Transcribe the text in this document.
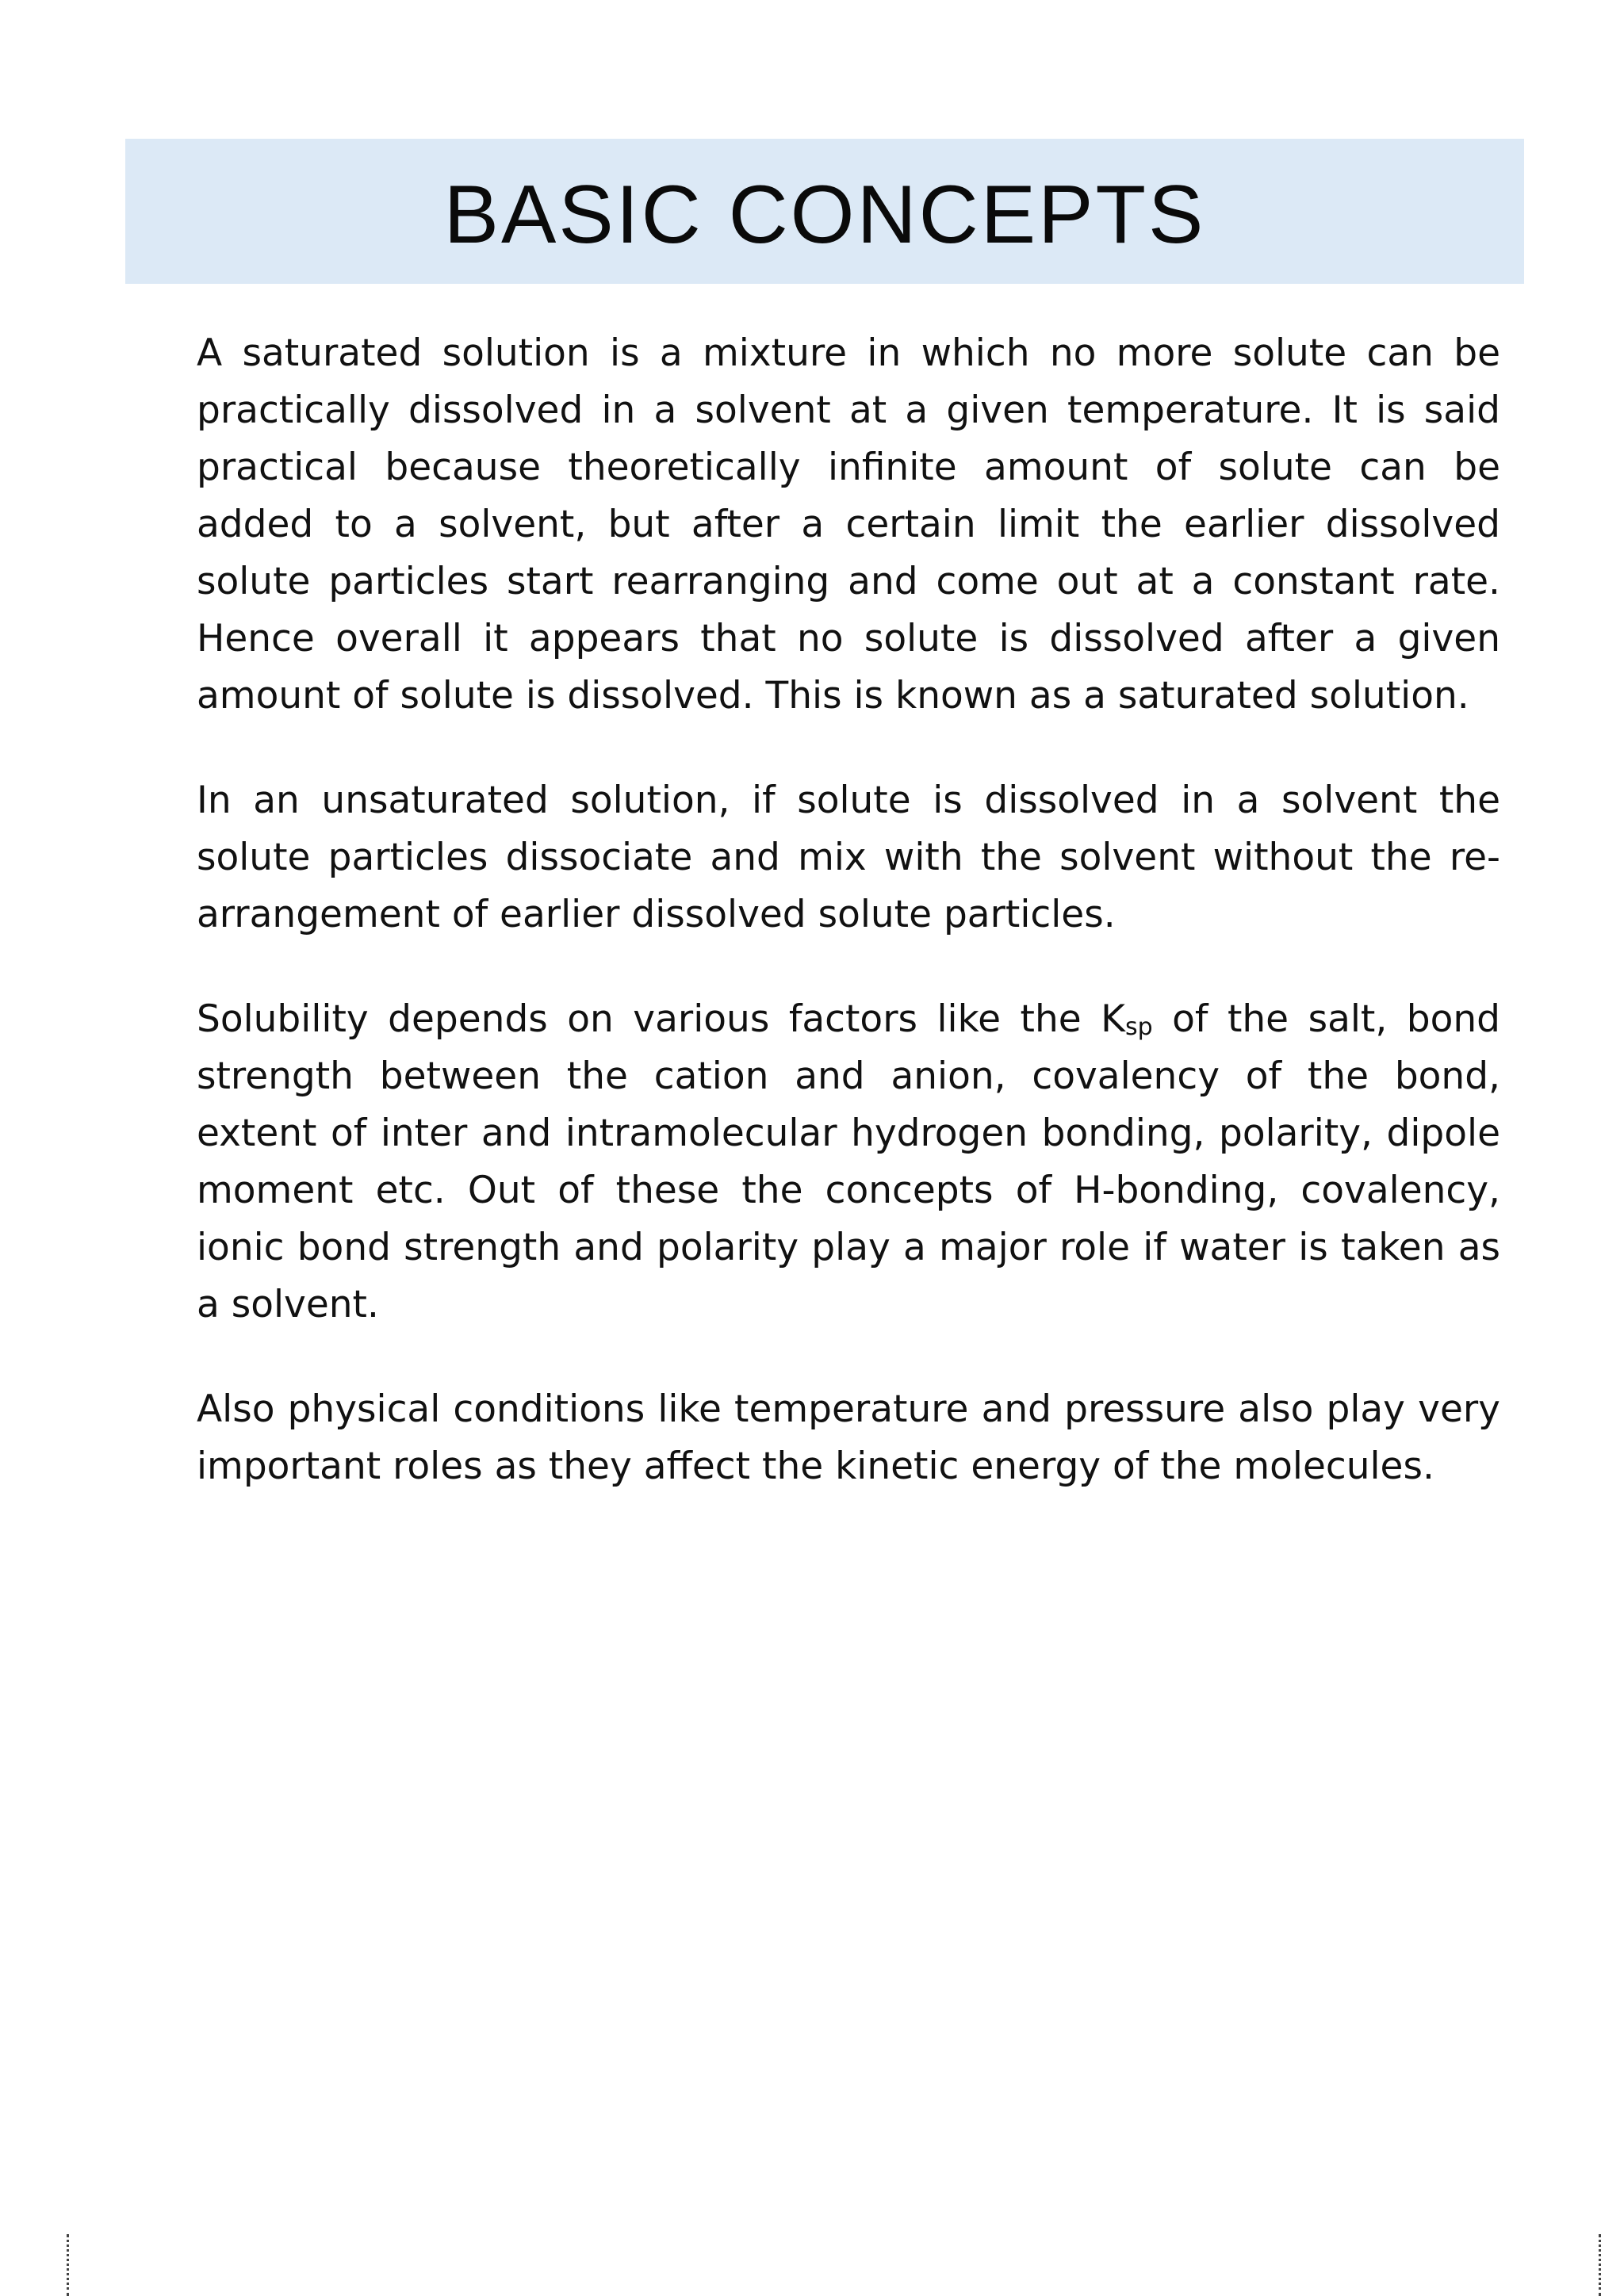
BASIC CONCEPTS

A saturated solution is a mixture in which no more solute can be practically dissolved in a solvent at a given temperature. It is said practical because theoretically infinite amount of solute can be added to a solvent, but after a certain limit the earlier dissolved solute particles start rearranging and come out at a constant rate. Hence overall it appears that no solute is dissolved after a given amount of solute is dissolved. This is known as a saturated solution.

In an unsaturated solution, if solute is dissolved in a solvent the solute particles dissociate and mix with the solvent without the re-arrangement of earlier dissolved solute particles.

Solubility depends on various factors like the $K_{sp}$ of the salt, bond strength between the cation and anion, covalency of the bond, extent of inter and intramolecular hydrogen bonding, polarity, dipole moment etc. Out of these the concepts of H-bonding, covalency, ionic bond strength and polarity play a major role if water is taken as a solvent.

Also physical conditions like temperature and pressure also play very important roles as they affect the kinetic energy of the molecules.
